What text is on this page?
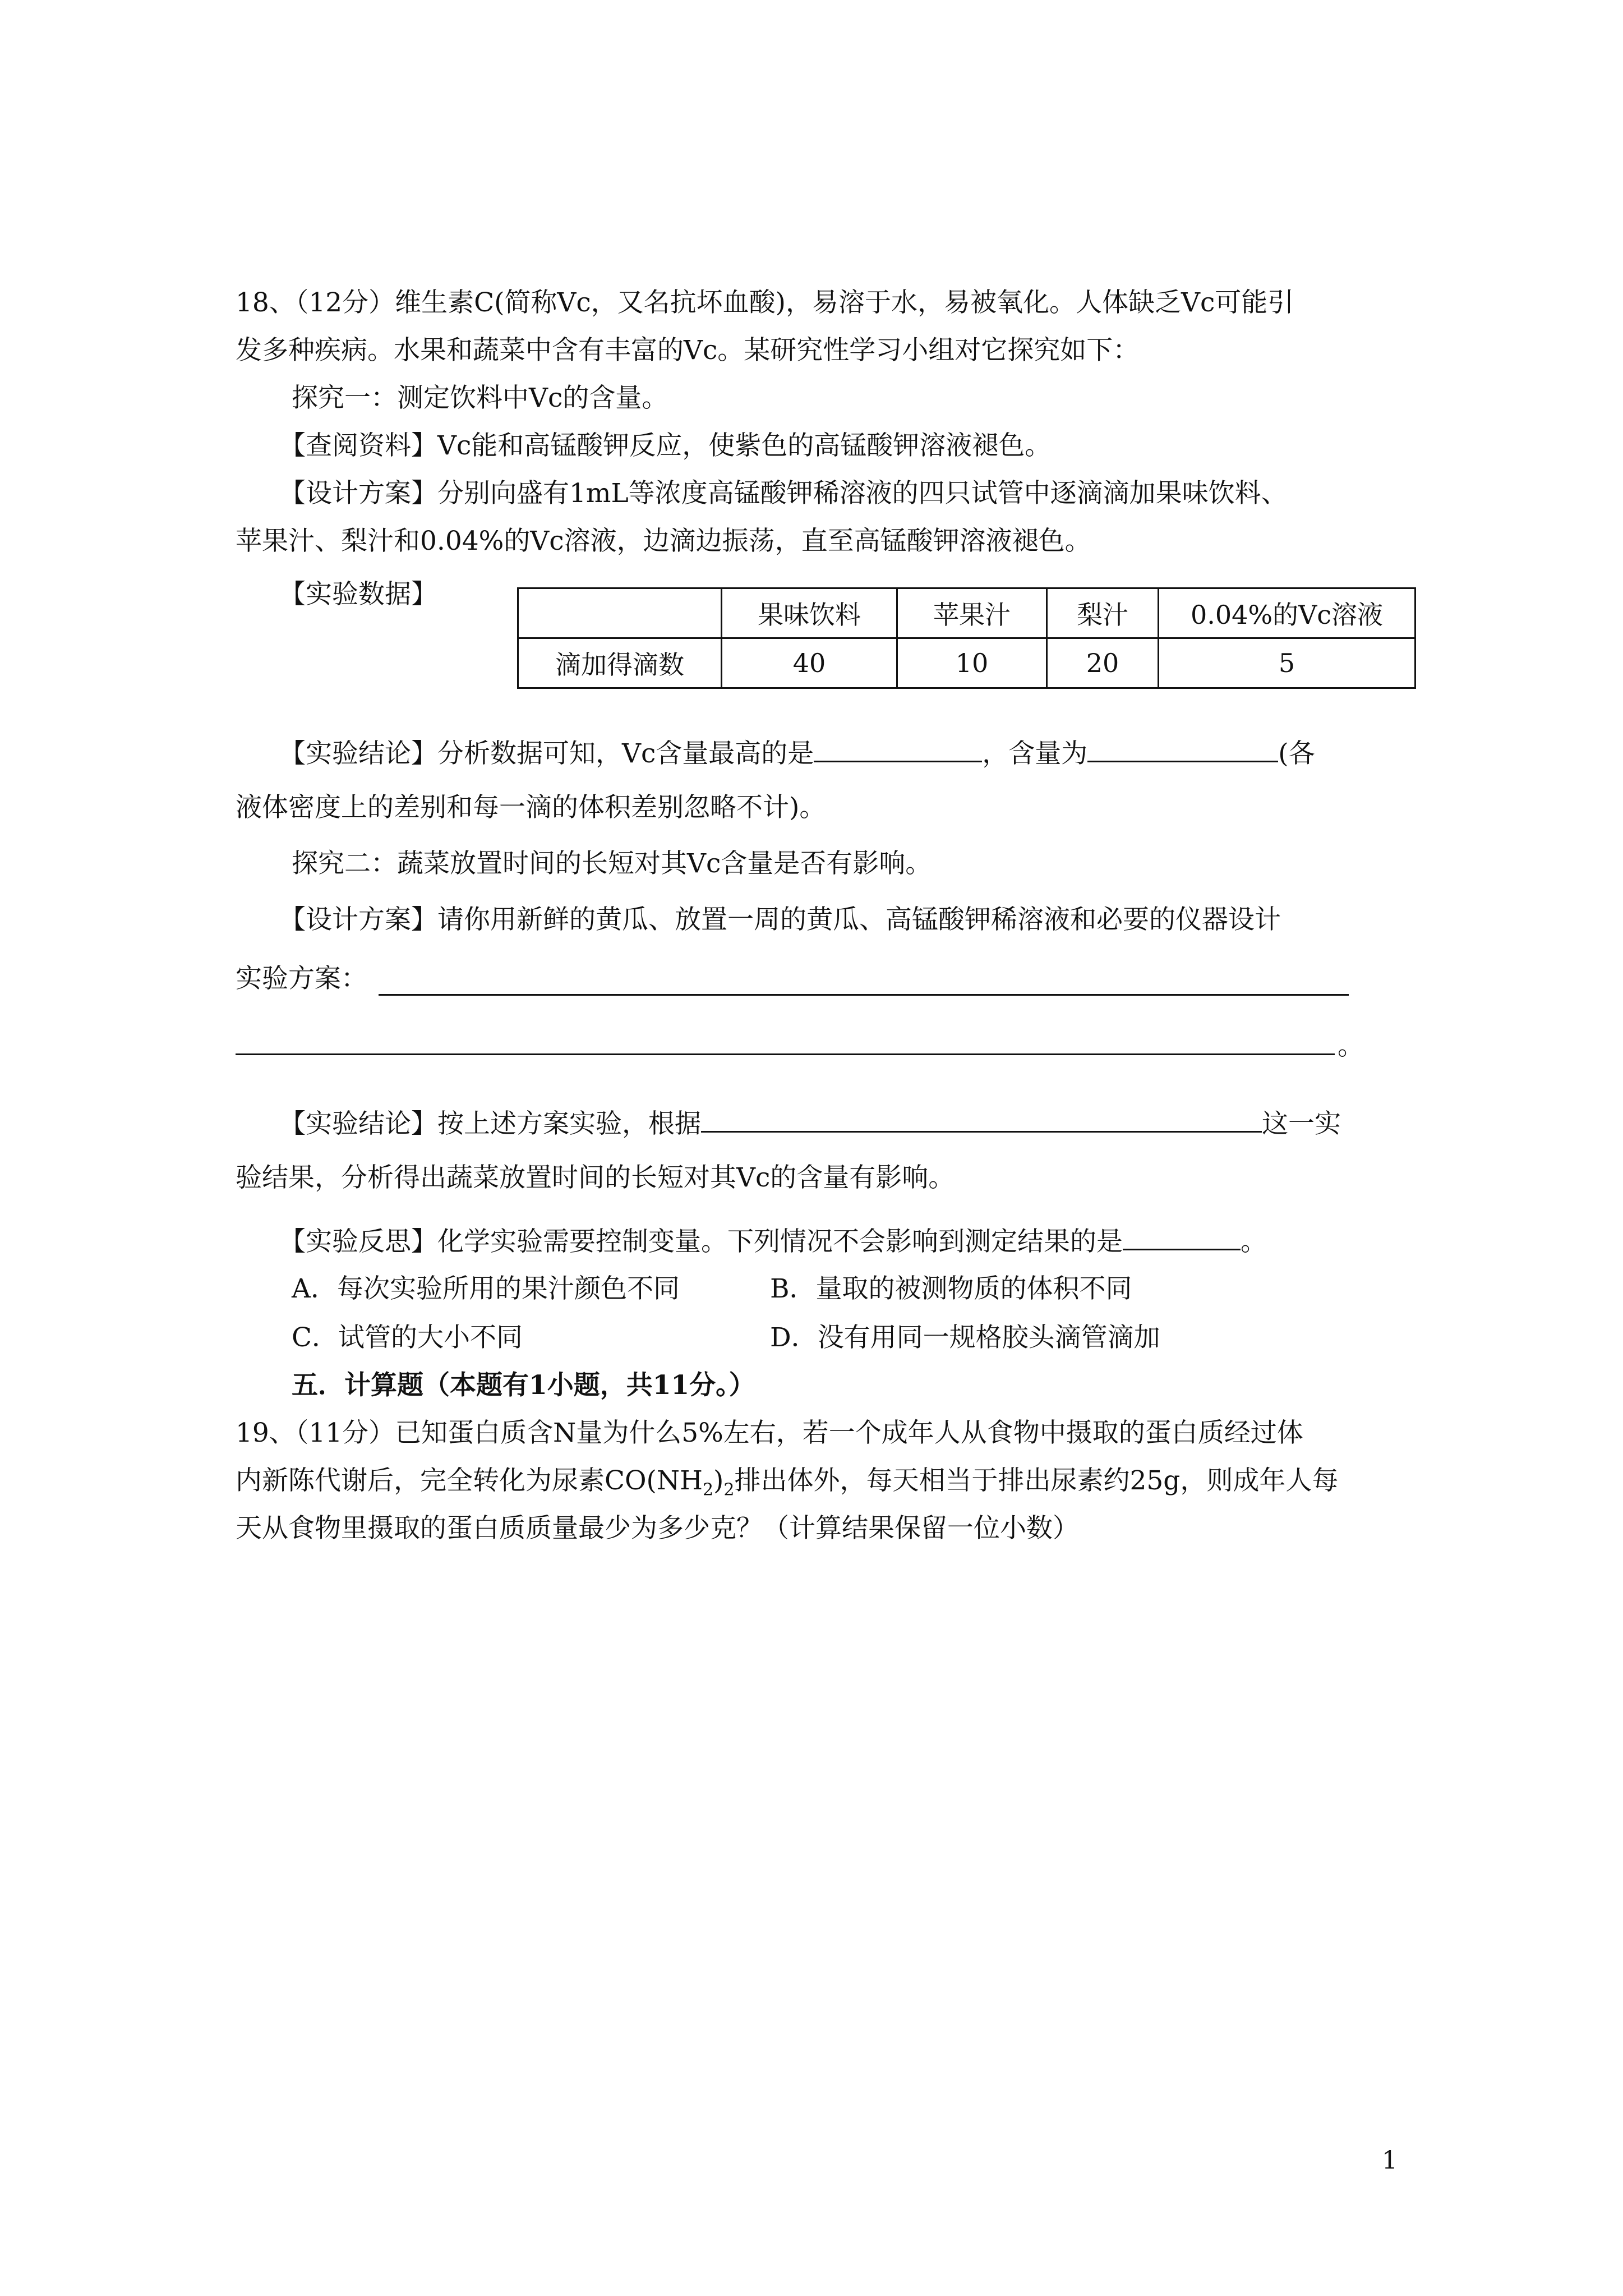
18、（12分）维生素C(简称Vc，又名抗坏血酸)，易溶于水，易被氧化。人体缺乏Vc可能引
发多种疾病。水果和蔬菜中含有丰富的Vc。某研究性学习小组对它探究如下：
探究一：测定饮料中Vc的含量。
【查阅资料】Vc能和高锰酸钾反应，使紫色的高锰酸钾溶液褪色。
【设计方案】分别向盛有1mL等浓度高锰酸钾稀溶液的四只试管中逐滴滴加果味饮料、
苹果汁、梨汁和0.04%的Vc溶液，边滴边振荡，直至高锰酸钾溶液褪色。
【实验数据】
	果味饮料	苹果汁	梨汁	0.04%的Vc溶液
滴加得滴数	40	10	20	5
【实验结论】分析数据可知，Vc含量最高的是	，含量为	(各
液体密度上的差别和每一滴的体积差别忽略不计)。
探究二：蔬菜放置时间的长短对其Vc含量是否有影响。
【设计方案】请你用新鲜的黄瓜、放置一周的黄瓜、高锰酸钾稀溶液和必要的仪器设计
实验方案：
。
【实验结论】按上述方案实验，根据	这一实
验结果，分析得出蔬菜放置时间的长短对其Vc的含量有影响。
【实验反思】化学实验需要控制变量。下列情况不会影响到测定结果的是	。
A．每次实验所用的果汁颜色不同	B．量取的被测物质的体积不同
C．试管的大小不同	D．没有用同一规格胶头滴管滴加
五．计算题（本题有1小题，共11分。）
19、（11分）已知蛋白质含N量为什么5%左右，若一个成年人从食物中摄取的蛋白质经过体
内新陈代谢后，完全转化为尿素$CO(NH_2)_2$排出体外，每天相当于排出尿素约25g，则成年人每
天从食物里摄取的蛋白质质量最少为多少克？（计算结果保留一位小数）
1
